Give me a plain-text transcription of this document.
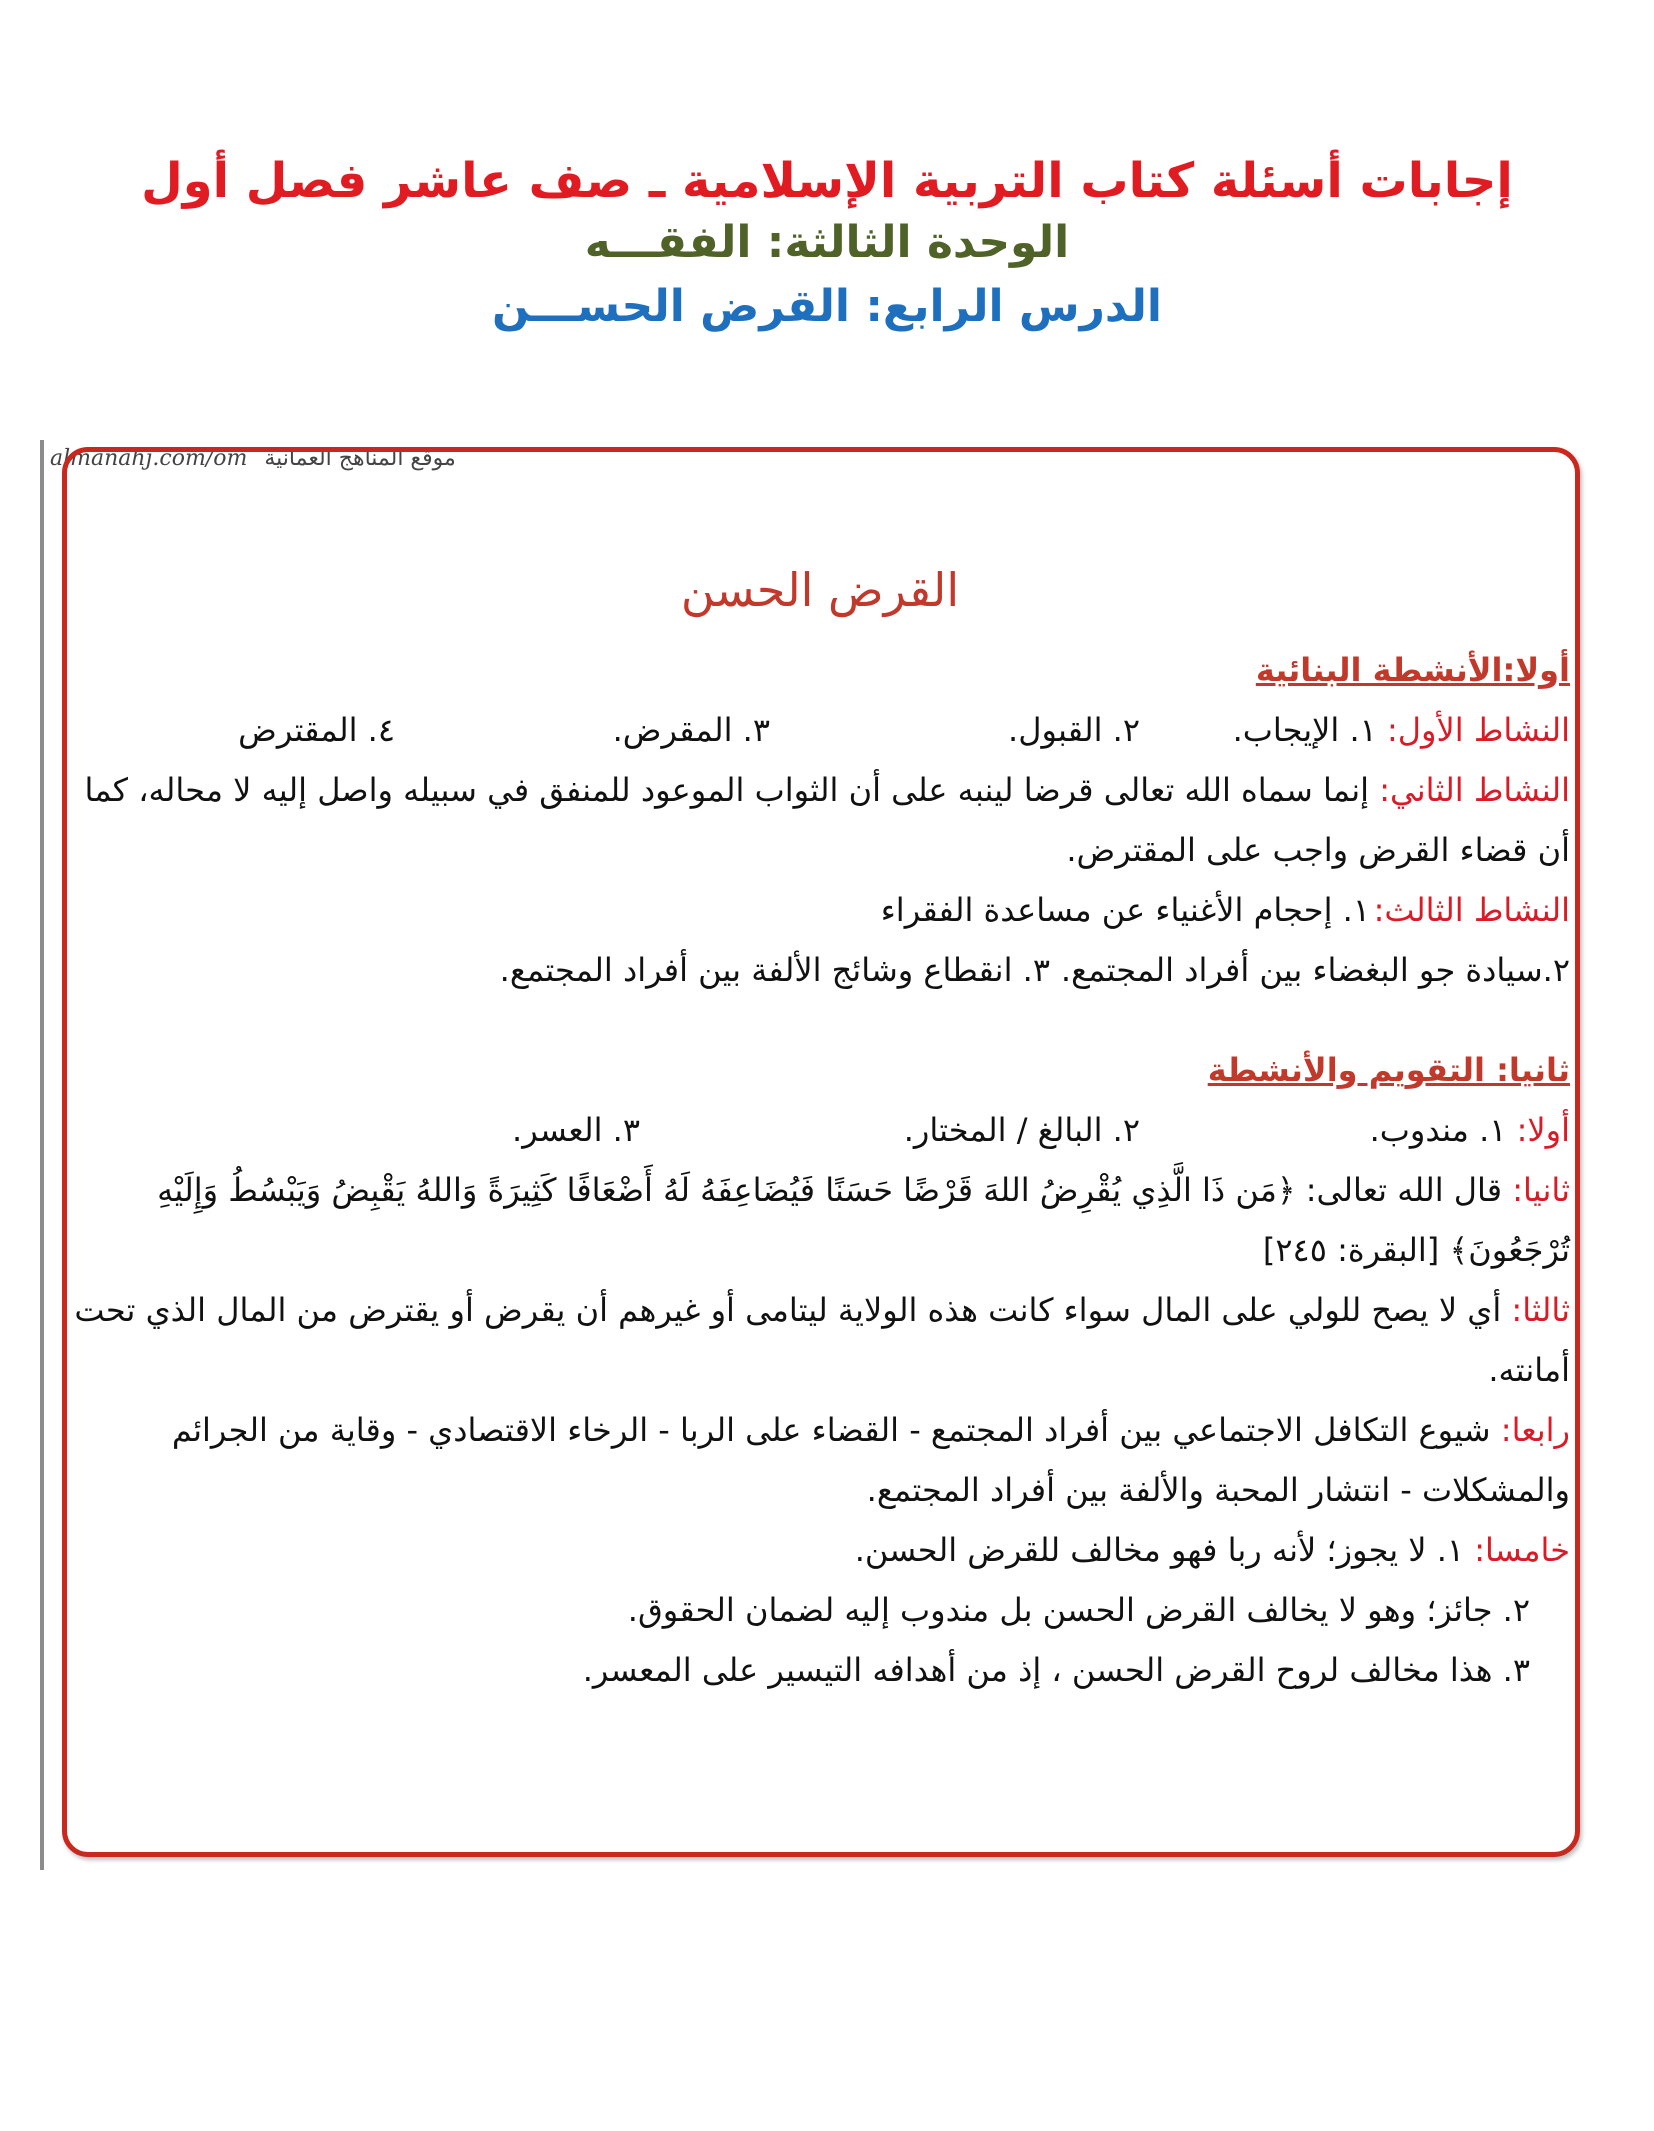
إجابات أسئلة كتاب التربية الإسلامية ـ صف عاشر فصل أول
الوحدة الثالثة: الفقـــه
الدرس الرابع: القرض الحســـن
almanahj.com/om موقع المناهج العمانية
القرض الحسن
أولا:الأنشطة البنائية
النشاط الأول: ١. الإيجاب.
٢. القبول.
٣. المقرض.
٤. المقترض
النشاط الثاني: إنما سماه الله تعالى قرضا لينبه على أن الثواب الموعود للمنفق في سبيله واصل إليه لا محاله، كما أن قضاء القرض واجب على المقترض.
النشاط الثالث:
١. إحجام الأغنياء عن مساعدة الفقراء
٢.سيادة جو البغضاء بين أفراد المجتمع.
٣. انقطاع وشائج الألفة بين أفراد المجتمع.
ثانيا: التقويم والأنشطة
أولا: ١. مندوب.
٢. البالغ / المختار.
٣. العسر.
ثانيا: قال الله تعالى: ﴿مَن ذَا الَّذِي يُقْرِضُ اللهَ قَرْضًا حَسَنًا فَيُضَاعِفَهُ لَهُ أَضْعَافًا كَثِيرَةً وَاللهُ يَقْبِضُ وَيَبْسُطُ وَإِلَيْهِ تُرْجَعُونَ﴾ [البقرة: ٢٤٥]
ثالثا: أي لا يصح للولي على المال سواء كانت هذه الولاية ليتامى أو غيرهم أن يقرض أو يقترض من المال الذي تحت أمانته.
رابعا: شيوع التكافل الاجتماعي بين أفراد المجتمع - القضاء على الربا - الرخاء الاقتصادي - وقاية من الجرائم والمشكلات - انتشار المحبة والألفة بين أفراد المجتمع.
خامسا: ١. لا يجوز؛ لأنه ربا فهو مخالف للقرض الحسن.
٢. جائز؛ وهو لا يخالف القرض الحسن بل مندوب إليه لضمان الحقوق.
٣. هذا مخالف لروح القرض الحسن ، إذ من أهدافه التيسير على المعسر.
